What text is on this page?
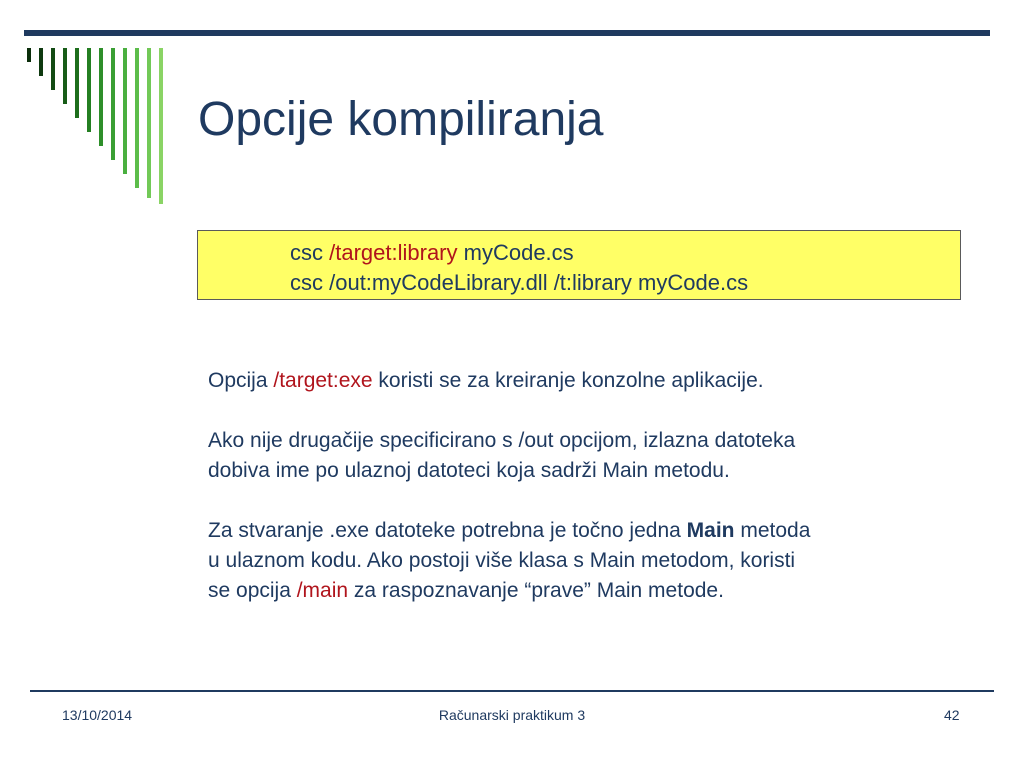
Opcije kompiliranja
csc /target:library myCode.cs
csc /out:myCodeLibrary.dll /t:library myCode.cs

Opcija /target:exe koristi se za kreiranje konzolne aplikacije.

Ako nije drugačije specificirano s /out opcijom, izlazna datoteka
dobiva ime po ulaznoj datoteci koja sadrži Main metodu.

Za stvaranje .exe datoteke potrebna je točno jedna Main metoda
u ulaznom kodu. Ako postoji više klasa s Main metodom, koristi
se opcija /main za raspoznavanje “prave” Main metode.

13/10/2014	Računarski praktikum 3	42
